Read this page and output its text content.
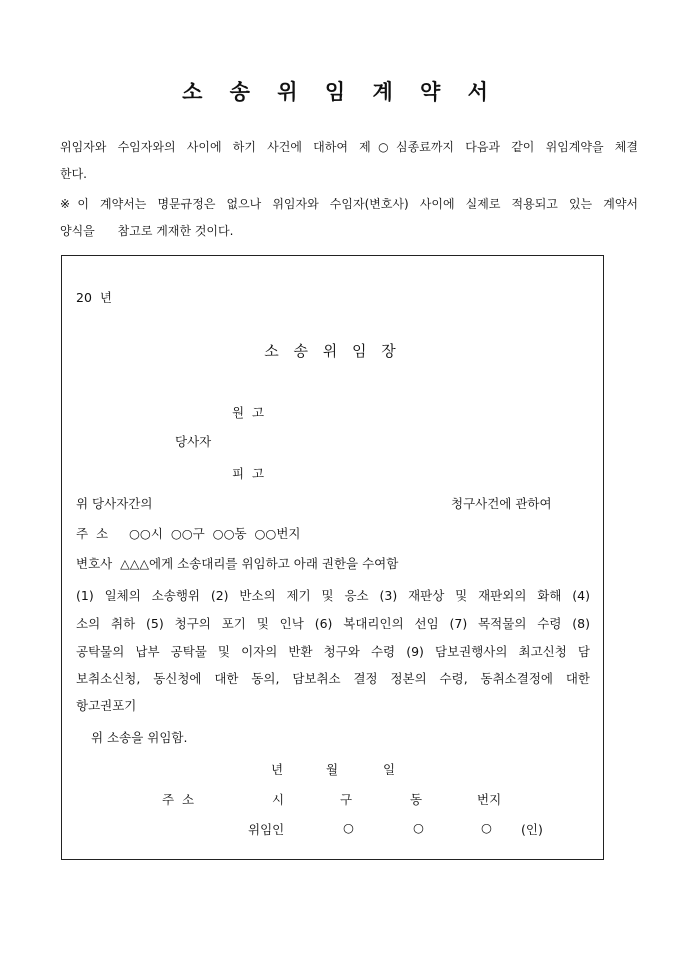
소 송 위 임 계 약 서
위임자와 수임자와의 사이에 하기 사건에 대하여 제○심종료까지 다음과 같이 위임계약을 체결
한다.
※이 계약서는 명문규정은 없으나 위임자와 수임자(변호사) 사이에 실제로 적용되고 있는 계약서
양식을      참고로 게재한 것이다.
20  년
소 송 위 임 장
원  고
당사자
피  고
위 당사자간의	청구사건에 관하여
주  소 ○○시  ○○구  ○○동  ○○번지
변호사  △△△에게 소송대리를 위임하고 아래 권한을 수여함
(1) 일체의 소송행위 (2) 반소의 제기 및 응소 (3) 재판상 및 재판외의 화해 (4)
소의 취하 (5) 청구의 포기 및 인낙 (6) 복대리인의 선임 (7) 목적물의 수령 (8)
공탁물의 납부 공탁물 및 이자의 반환 청구와 수령 (9) 담보권행사의 최고신청 담
보취소신청, 동신청에 대한 동의, 담보취소 결정 정본의 수령, 동취소결정에 대한
항고권포기
위 소송을 위임함.
년	월	일
주  소	시	구	동	번지
위임인	○	○	○ (인)
